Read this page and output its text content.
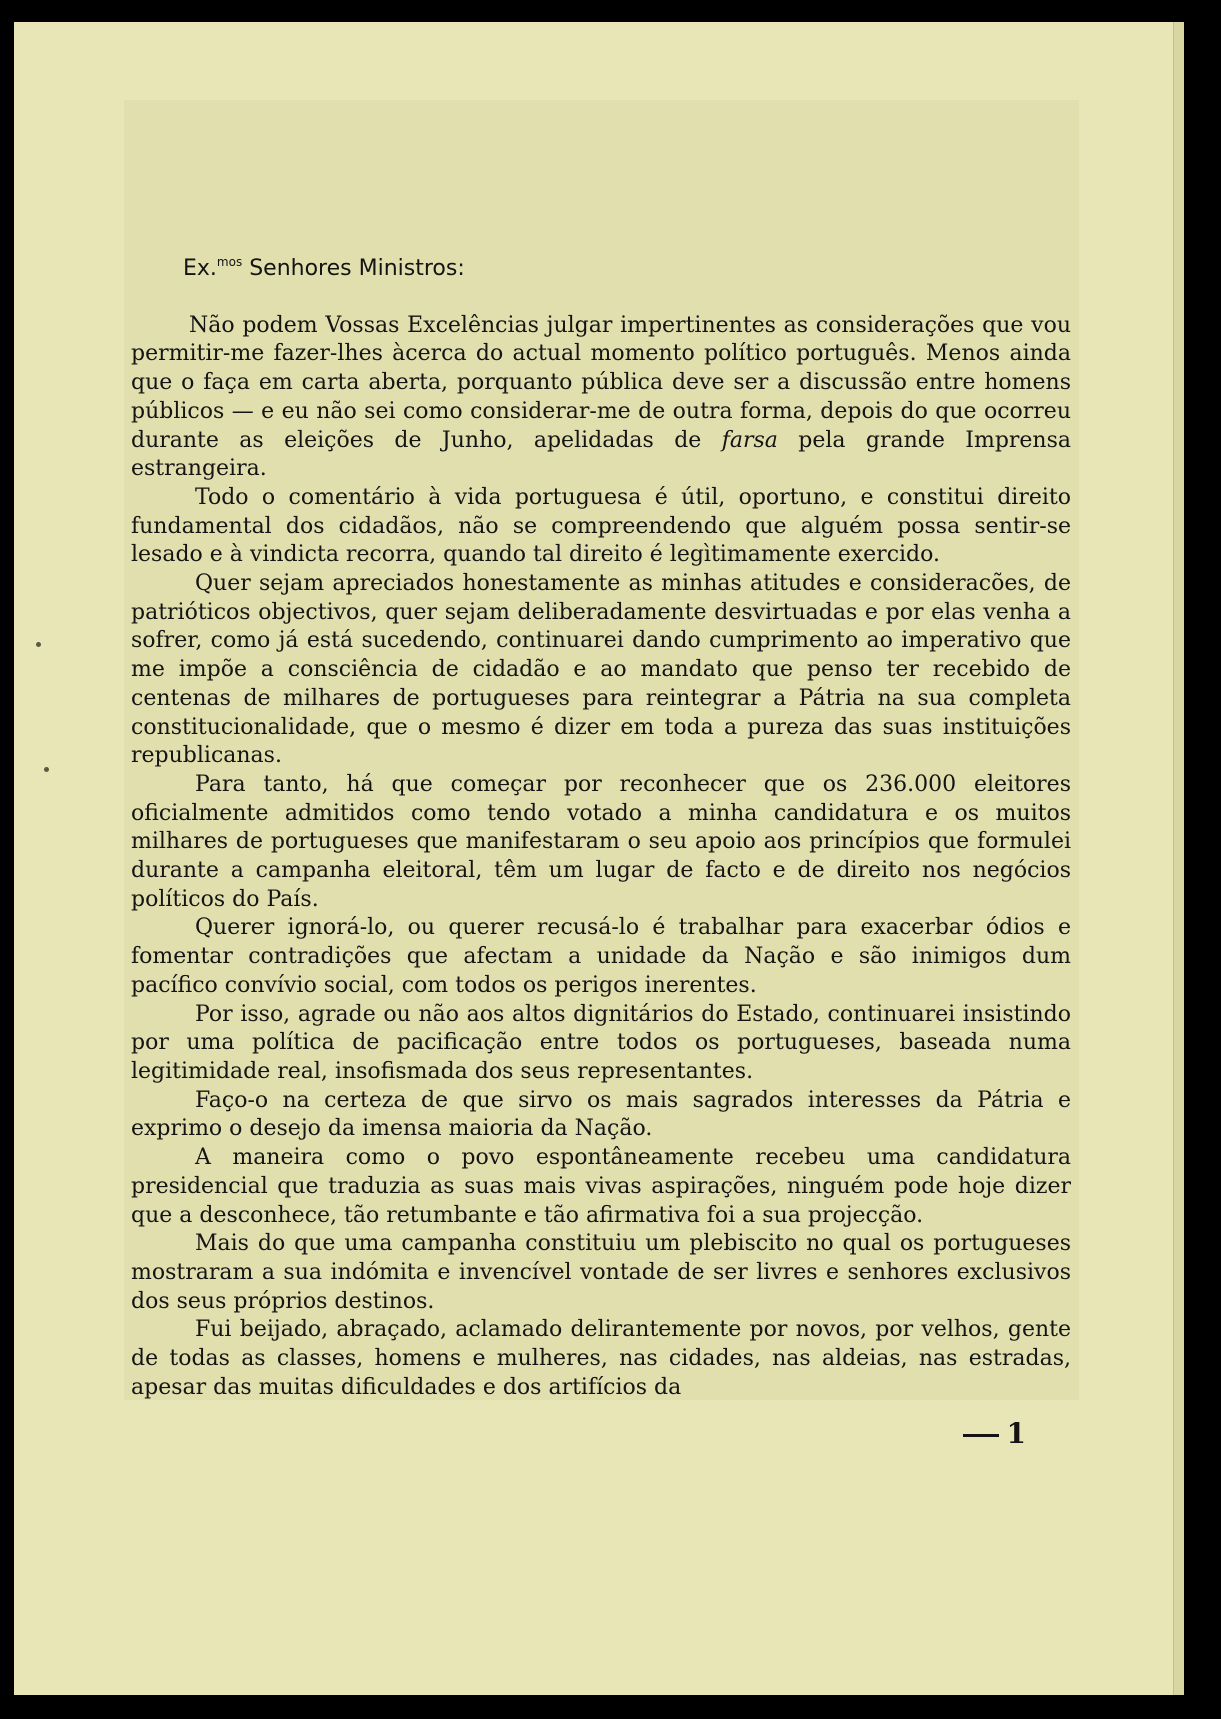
Ex.$^{mos}$ Senhores Ministros:

Não podem Vossas Excelências julgar impertinentes as considerações que vou permitir-me fazer-lhes àcerca do actual momento político português. Menos ainda que o faça em carta aberta, porquanto pública deve ser a discussão entre homens públicos — e eu não sei como considerar-me de outra forma, depois do que ocorreu durante as eleições de Junho, apelidadas de farsa pela grande Imprensa estrangeira.

Todo o comentário à vida portuguesa é útil, oportuno, e constitui direito fundamental dos cidadãos, não se compreendendo que alguém possa sentir-se lesado e à vindicta recorra, quando tal direito é legìtimamente exercido.

Quer sejam apreciados honestamente as minhas atitudes e consideracões, de patrióticos objectivos, quer sejam deliberadamente desvirtuadas e por elas venha a sofrer, como já está sucedendo, continuarei dando cumprimento ao imperativo que me impõe a consciência de cidadão e ao mandato que penso ter recebido de centenas de milhares de portugueses para reintegrar a Pátria na sua completa constitucionalidade, que o mesmo é dizer em toda a pureza das suas instituições republicanas.

Para tanto, há que começar por reconhecer que os 236.000 eleitores oficialmente admitidos como tendo votado a minha candidatura e os muitos milhares de portugueses que manifestaram o seu apoio aos princípios que formulei durante a campanha eleitoral, têm um lugar de facto e de direito nos negócios políticos do País.

Querer ignorá-lo, ou querer recusá-lo é trabalhar para exacerbar ódios e fomentar contradições que afectam a unidade da Nação e são inimigos dum pacífico convívio social, com todos os perigos inerentes.

Por isso, agrade ou não aos altos dignitários do Estado, continuarei insistindo por uma política de pacificação entre todos os portugueses, baseada numa legitimidade real, insofismada dos seus representantes.

Faço-o na certeza de que sirvo os mais sagrados interesses da Pátria e exprimo o desejo da imensa maioria da Nação.

A maneira como o povo espontâneamente recebeu uma candidatura presidencial que traduzia as suas mais vivas aspirações, ninguém pode hoje dizer que a desconhece, tão retumbante e tão afirmativa foi a sua projecção.

Mais do que uma campanha constituiu um plebiscito no qual os portugueses mostraram a sua indómita e invencível vontade de ser livres e senhores exclusivos dos seus próprios destinos.

Fui beijado, abraçado, aclamado delirantemente por novos, por velhos, gente de todas as classes, homens e mulheres, nas cidades, nas aldeias, nas estradas, apesar das muitas dificuldades e dos artifícios da

1
